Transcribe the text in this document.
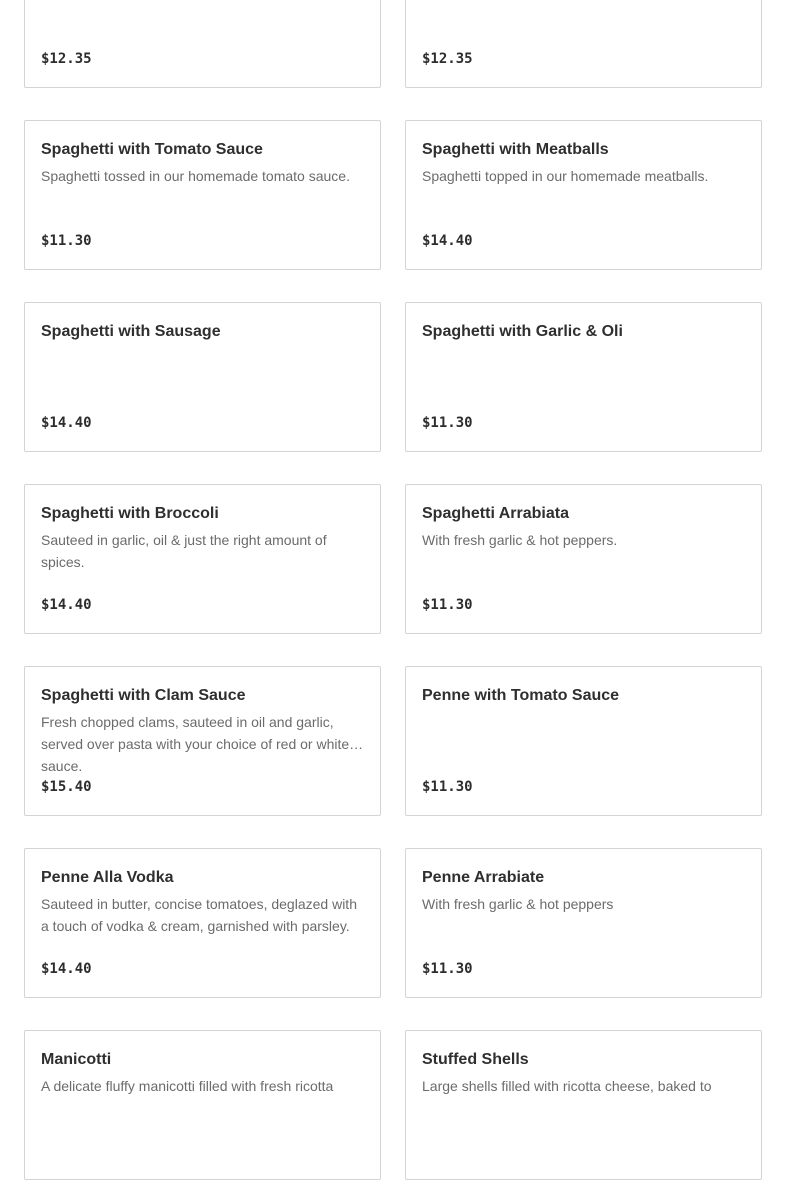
$12.35	$12.35
Spaghetti with Tomato Sauce
Spaghetti tossed in our homemade tomato sauce.
$11.30
Spaghetti with Meatballs
Spaghetti topped in our homemade meatballs.
$14.40
Spaghetti with Sausage
$14.40
Spaghetti with Garlic & Oli
$11.30
Spaghetti with Broccoli
Sauteed in garlic, oil & just the right amount of spices.
$14.40
Spaghetti Arrabiata
With fresh garlic & hot peppers.
$11.30
Spaghetti with Clam Sauce
Fresh chopped clams, sauteed in oil and garlic, served over pasta with your choice of red or white sauce.
$15.40
Penne with Tomato Sauce
$11.30
Penne Alla Vodka
Sauteed in butter, concise tomatoes, deglazed with a touch of vodka & cream, garnished with parsley.
$14.40
Penne Arrabiate
With fresh garlic & hot peppers
$11.30
Manicotti
A delicate fluffy manicotti filled with fresh ricotta
Stuffed Shells
Large shells filled with ricotta cheese, baked to
